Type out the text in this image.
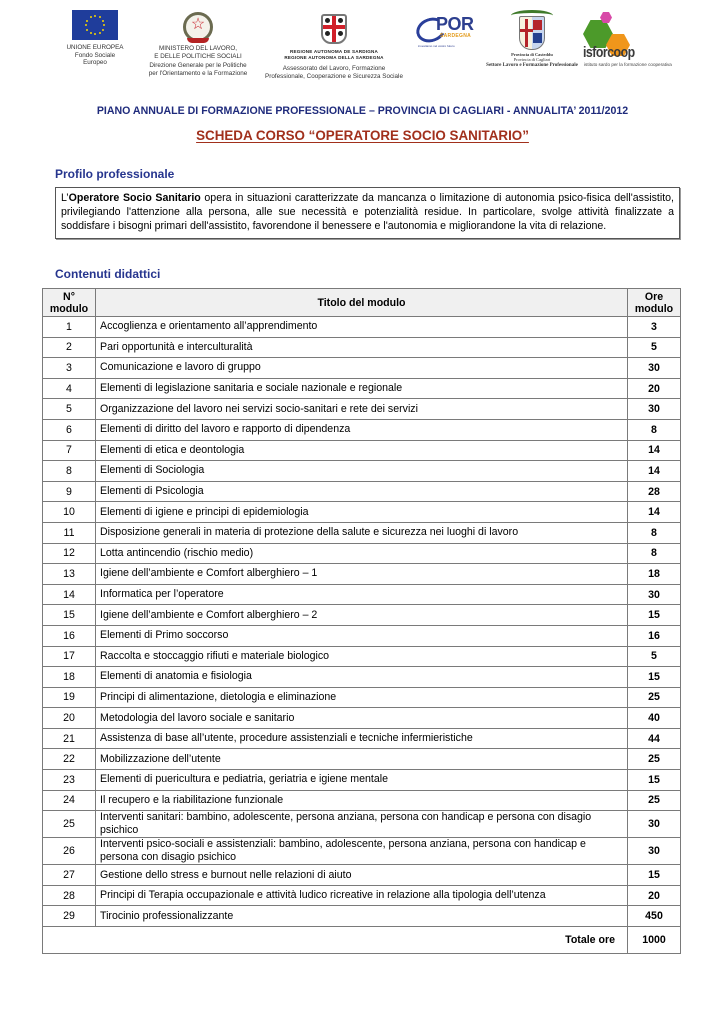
UNIONE EUROPEA
Fondo Sociale
Europeo
☆
MINISTERO DEL LAVORO,
E DELLE POLITICHE SOCIALI
Direzione Generale per le Politiche
per l'Orientamento e la Formazione
REGIONE AUTONOMA DE SARDIGNA
REGIONE AUTONOMA DELLA SARDEGNA
Assessorato del Lavoro, Formazione
Professionale, Cooperazione e Sicurezza Sociale
POR
SARDEGNA
investiamo nel vostro futuro
Provincia di Casteddu
Provincia di Cagliari
Settore Lavoro e Formazione Professionale
isforcoop
istituto sardo per la formazione cooperativa
PIANO ANNUALE DI FORMAZIONE PROFESSIONALE – PROVINCIA DI CAGLIARI - ANNUALITA’ 2011/2012
SCHEDA CORSO “OPERATORE SOCIO SANITARIO”
Profilo professionale
L’Operatore Socio Sanitario opera in situazioni caratterizzate da mancanza o limitazione di autonomia psico-fisica dell'assistito, privilegiando l'attenzione alla persona, alle sue necessità e potenzialità residue. In particolare, svolge attività finalizzate a soddisfare i bisogni primari dell'assistito, favorendone il benessere e l'autonomia e migliorandone la vita di relazione.
Contenuti didattici
N° modulo	Titolo del modulo	Ore modulo
1	Accoglienza e orientamento all’apprendimento	3
2	Pari opportunità e interculturalità	5
3	Comunicazione e lavoro di gruppo	30
4	Elementi di legislazione sanitaria e sociale nazionale e regionale	20
5	Organizzazione del lavoro nei servizi socio-sanitari e rete dei servizi	30
6	Elementi di diritto del lavoro e rapporto di dipendenza	8
7	Elementi di etica e deontologia	14
8	Elementi di Sociologia	14
9	Elementi di Psicologia	28
10	Elementi di igiene e principi di epidemiologia	14
11	Disposizione generali in materia di protezione della salute e sicurezza nei luoghi di lavoro	8
12	Lotta antincendio (rischio medio)	8
13	Igiene dell’ambiente e Comfort alberghiero – 1	18
14	Informatica per l’operatore	30
15	Igiene dell’ambiente e Comfort alberghiero – 2	15
16	Elementi di Primo soccorso	16
17	Raccolta e stoccaggio rifiuti e materiale biologico	5
18	Elementi di anatomia e fisiologia	15
19	Principi di alimentazione, dietologia e eliminazione	25
20	Metodologia del lavoro sociale e sanitario	40
21	Assistenza di base all’utente, procedure assistenziali e tecniche infermieristiche	44
22	Mobilizzazione dell’utente	25
23	Elementi di puericultura e pediatria, geriatria e igiene mentale	15
24	Il recupero e la riabilitazione funzionale	25
25	Interventi sanitari: bambino, adolescente, persona anziana, persona con handicap e persona con disagio psichico	30
26	Interventi psico-sociali e assistenziali: bambino, adolescente, persona anziana, persona con handicap e persona con disagio psichico	30
27	Gestione dello stress e burnout nelle relazioni di aiuto	15
28	Principi di Terapia occupazionale e attività ludico ricreative in relazione alla tipologia dell’utenza	20
29	Tirocinio professionalizzante	450
Totale ore		1000
